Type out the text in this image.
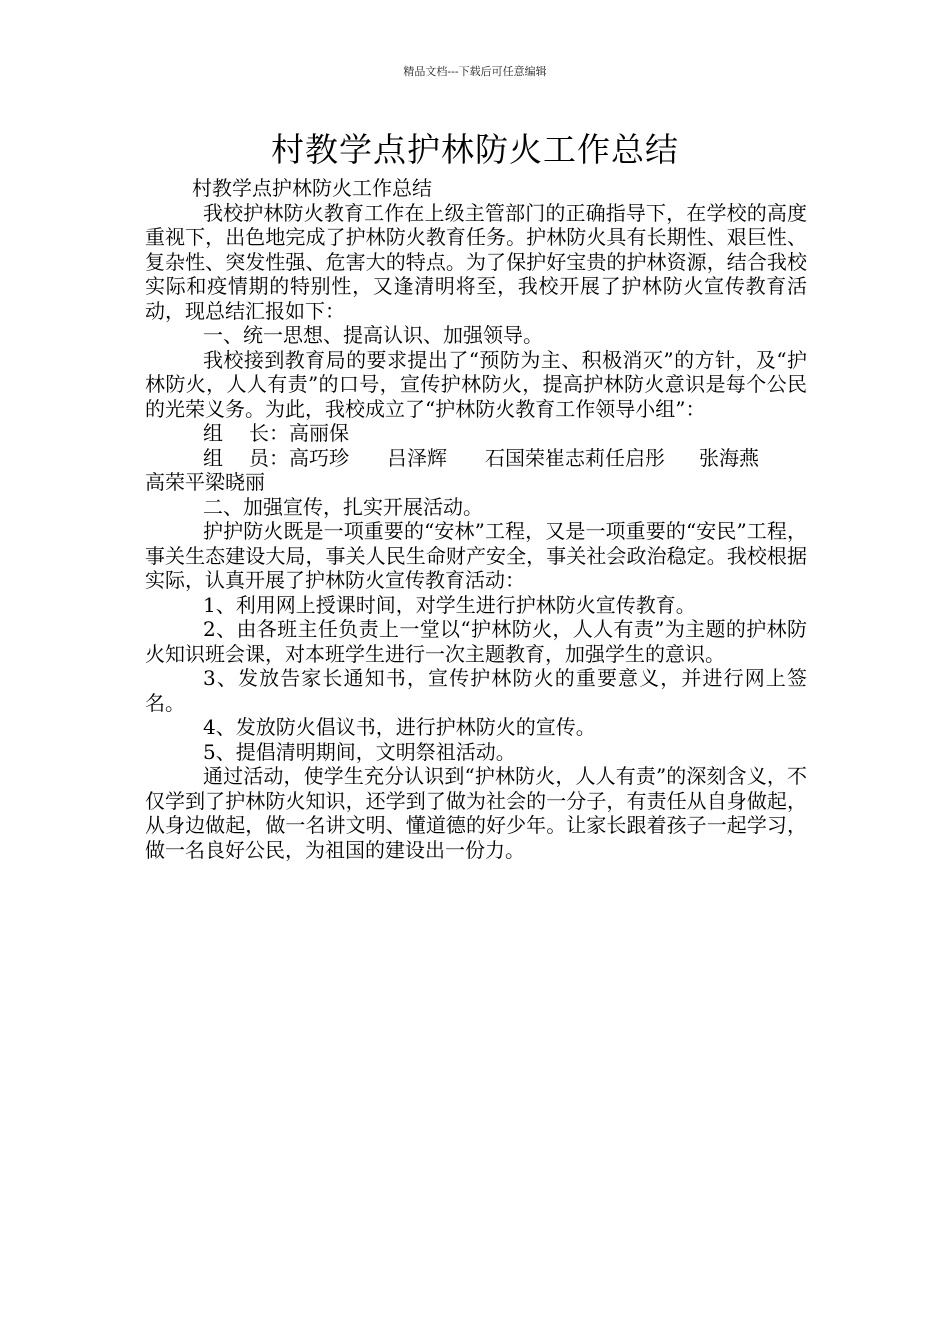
精品文档---下载后可任意编辑
村教学点护林防火工作总结

村教学点护林防火工作总结

我校护林防火教育工作在上级主管部门的正确指导下，在学校的高度重视下，出色地完成了护林防火教育任务。护林防火具有长期性、艰巨性、复杂性、突发性强、危害大的特点。为了保护好宝贵的护林资源，结合我校实际和疫情期的特别性，又逢清明将至，我校开展了护林防火宣传教育活动，现总结汇报如下：

一、统一思想、提高认识、加强领导。

我校接到教育局的要求提出了“预防为主、积极消灭”的方针，及“护林防火，人人有责”的口号，宣传护林防火，提高护林防火意识是每个公民的光荣义务。为此，我校成立了“护林防火教育工作领导小组”：

组 长：高丽保

组 员：高巧珍 吕泽辉 石国荣崔志莉任启彤 张海燕
高荣平梁晓丽

二、加强宣传，扎实开展活动。

护护防火既是一项重要的“安林”工程，又是一项重要的“安民”工程，事关生态建设大局，事关人民生命财产安全，事关社会政治稳定。我校根据实际，认真开展了护林防火宣传教育活动：

1、利用网上授课时间，对学生进行护林防火宣传教育。

2、由各班主任负责上一堂以“护林防火，人人有责”为主题的护林防火知识班会课，对本班学生进行一次主题教育，加强学生的意识。

3、发放告家长通知书，宣传护林防火的重要意义，并进行网上签名。

4、发放防火倡议书，进行护林防火的宣传。

5、提倡清明期间，文明祭祖活动。

通过活动，使学生充分认识到“护林防火，人人有责”的深刻含义，不仅学到了护林防火知识，还学到了做为社会的一分子，有责任从自身做起，从身边做起，做一名讲文明、懂道德的好少年。让家长跟着孩子一起学习，做一名良好公民，为祖国的建设出一份力。
